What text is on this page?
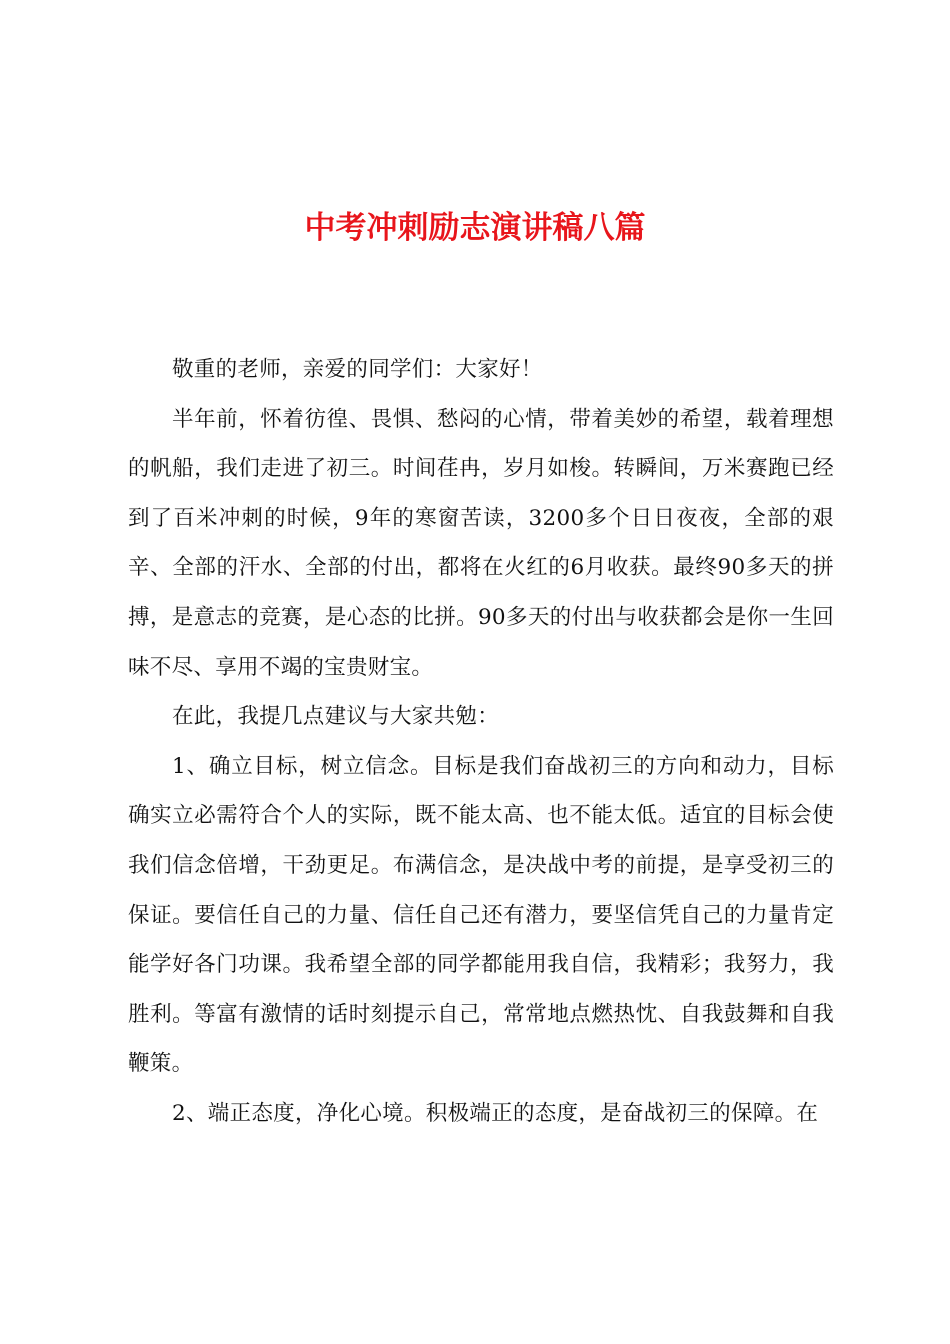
中考冲刺励志演讲稿八篇

敬重的老师，亲爱的同学们：大家好！

半年前，怀着彷徨、畏惧、愁闷的心情，带着美妙的希望，载着理想的帆船，我们走进了初三。时间荏冉，岁月如梭。转瞬间，万米赛跑已经到了百米冲刺的时候，9年的寒窗苦读，3200多个日日夜夜，全部的艰辛、全部的汗水、全部的付出，都将在火红的6月收获。最终90多天的拼搏，是意志的竞赛，是心态的比拼。90多天的付出与收获都会是你一生回味不尽、享用不竭的宝贵财宝。

在此，我提几点建议与大家共勉：

1、确立目标，树立信念。目标是我们奋战初三的方向和动力，目标确实立必需符合个人的实际，既不能太高、也不能太低。适宜的目标会使我们信念倍增，干劲更足。布满信念，是决战中考的前提，是享受初三的保证。要信任自己的力量、信任自己还有潜力，要坚信凭自己的力量肯定能学好各门功课。我希望全部的同学都能用我自信，我精彩；我努力，我胜利。等富有激情的话时刻提示自己，常常地点燃热忱、自我鼓舞和自我鞭策。

2、端正态度，净化心境。积极端正的态度，是奋战初三的保障。在
